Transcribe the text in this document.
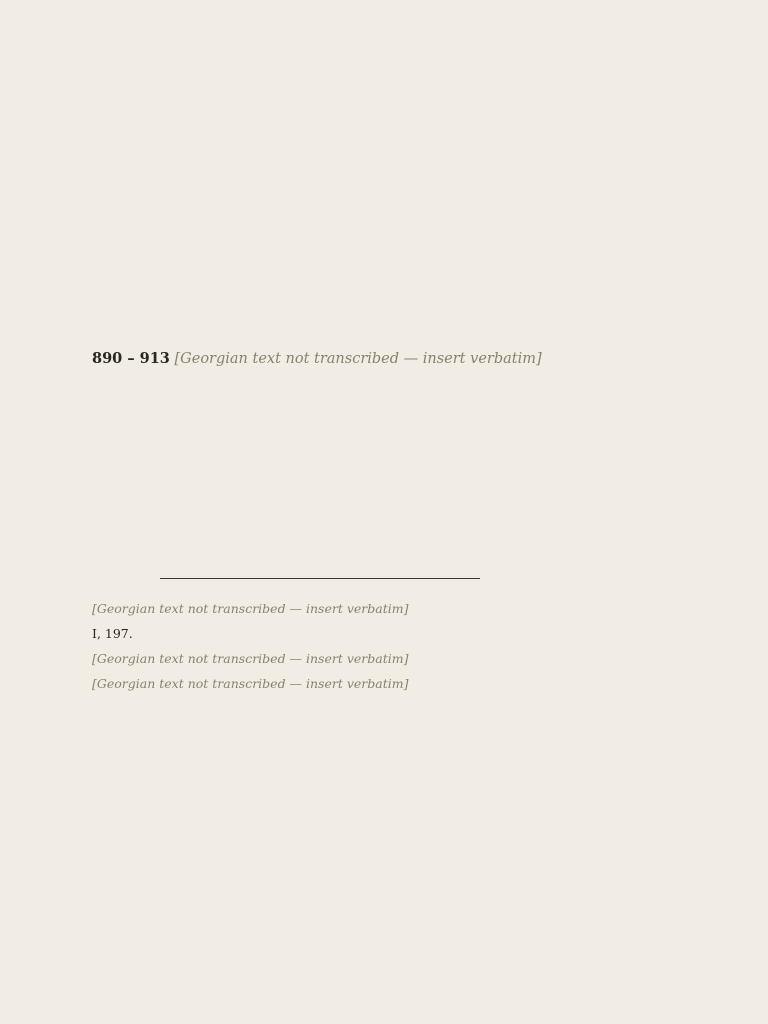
890 – 913 [Georgian text not transcribed — insert verbatim]

[Georgian text not transcribed — insert verbatim]

I, 197.

[Georgian text not transcribed — insert verbatim]

[Georgian text not transcribed — insert verbatim]
